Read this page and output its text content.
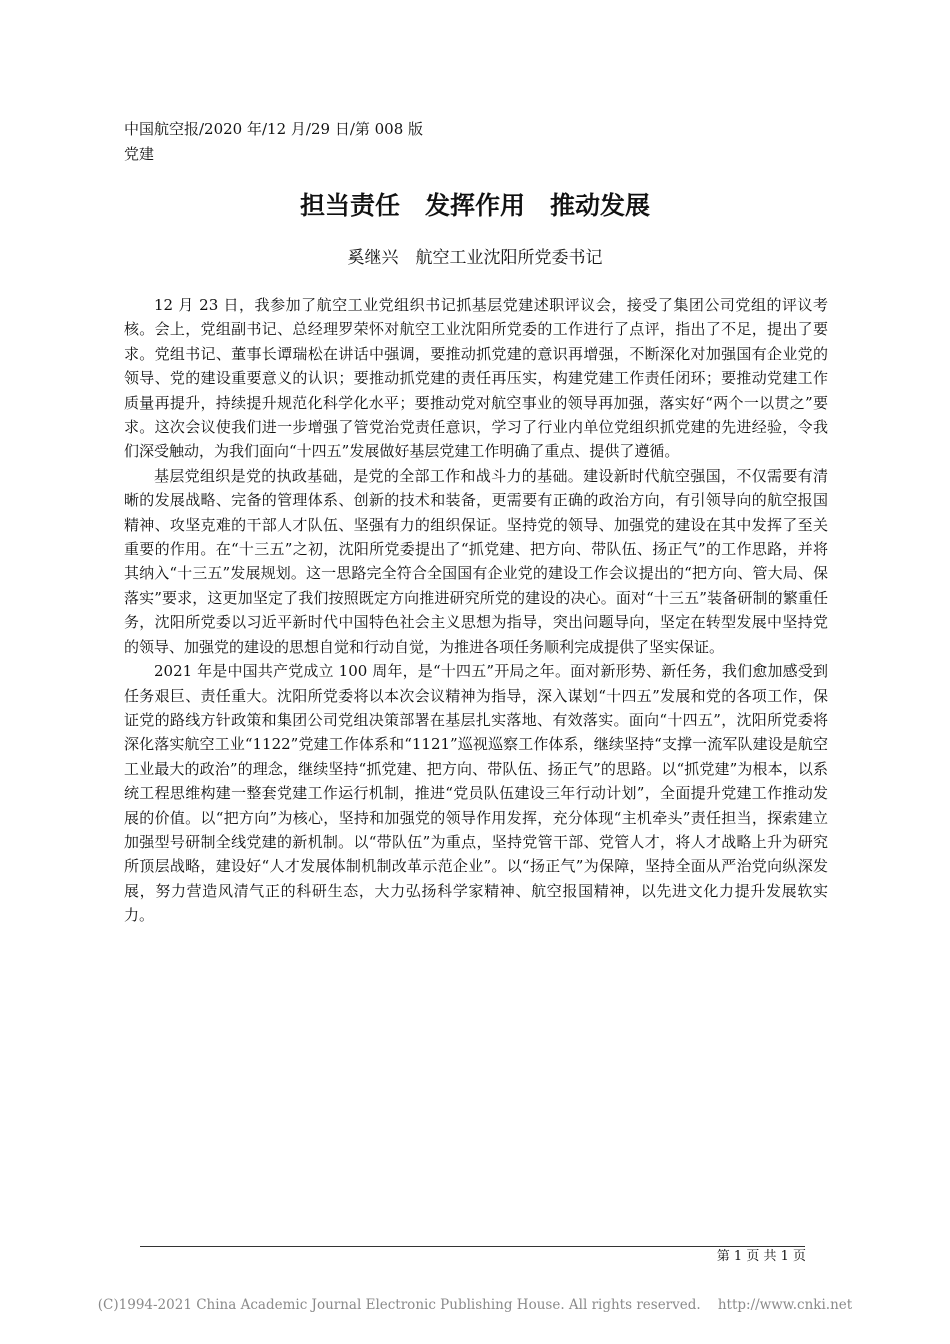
中国航空报/2020 年/12 月/29 日/第 008 版
党建
担当责任　发挥作用　推动发展
奚继兴　航空工业沈阳所党委书记

12 月 23 日，我参加了航空工业党组织书记抓基层党建述职评议会，接受了集团公司党组的评议考核。会上，党组副书记、总经理罗荣怀对航空工业沈阳所党委的工作进行了点评，指出了不足，提出了要求。党组书记、董事长谭瑞松在讲话中强调，要推动抓党建的意识再增强，不断深化对加强国有企业党的领导、党的建设重要意义的认识；要推动抓党建的责任再压实，构建党建工作责任闭环；要推动党建工作质量再提升，持续提升规范化科学化水平；要推动党对航空事业的领导再加强，落实好“两个一以贯之”要求。这次会议使我们进一步增强了管党治党责任意识，学习了行业内单位党组织抓党建的先进经验，令我们深受触动，为我们面向“十四五”发展做好基层党建工作明确了重点、提供了遵循。

基层党组织是党的执政基础，是党的全部工作和战斗力的基础。建设新时代航空强国，不仅需要有清晰的发展战略、完备的管理体系、创新的技术和装备，更需要有正确的政治方向，有引领导向的航空报国精神、攻坚克难的干部人才队伍、坚强有力的组织保证。坚持党的领导、加强党的建设在其中发挥了至关重要的作用。在“十三五”之初，沈阳所党委提出了“抓党建、把方向、带队伍、扬正气”的工作思路，并将其纳入“十三五”发展规划。这一思路完全符合全国国有企业党的建设工作会议提出的“把方向、管大局、保落实”要求，这更加坚定了我们按照既定方向推进研究所党的建设的决心。面对“十三五”装备研制的繁重任务，沈阳所党委以习近平新时代中国特色社会主义思想为指导，突出问题导向，坚定在转型发展中坚持党的领导、加强党的建设的思想自觉和行动自觉，为推进各项任务顺利完成提供了坚实保证。

2021 年是中国共产党成立 100 周年，是“十四五”开局之年。面对新形势、新任务，我们愈加感受到任务艰巨、责任重大。沈阳所党委将以本次会议精神为指导，深入谋划“十四五”发展和党的各项工作，保证党的路线方针政策和集团公司党组决策部署在基层扎实落地、有效落实。面向“十四五”，沈阳所党委将深化落实航空工业“1122”党建工作体系和“1121”巡视巡察工作体系，继续坚持“支撑一流军队建设是航空工业最大的政治”的理念，继续坚持“抓党建、把方向、带队伍、扬正气”的思路。以“抓党建”为根本，以系统工程思维构建一整套党建工作运行机制，推进“党员队伍建设三年行动计划”，全面提升党建工作推动发展的价值。以“把方向”为核心，坚持和加强党的领导作用发挥，充分体现“主机牵头”责任担当，探索建立加强型号研制全线党建的新机制。以“带队伍”为重点，坚持党管干部、党管人才，将人才战略上升为研究所顶层战略，建设好“人才发展体制机制改革示范企业”。以“扬正气”为保障，坚持全面从严治党向纵深发展，努力营造风清气正的科研生态，大力弘扬科学家精神、航空报国精神，以先进文化力提升发展软实力。

第 1 页 共 1 页
(C)1994-2021 China Academic Journal Electronic Publishing House. All rights reserved.    http://www.cnki.net
